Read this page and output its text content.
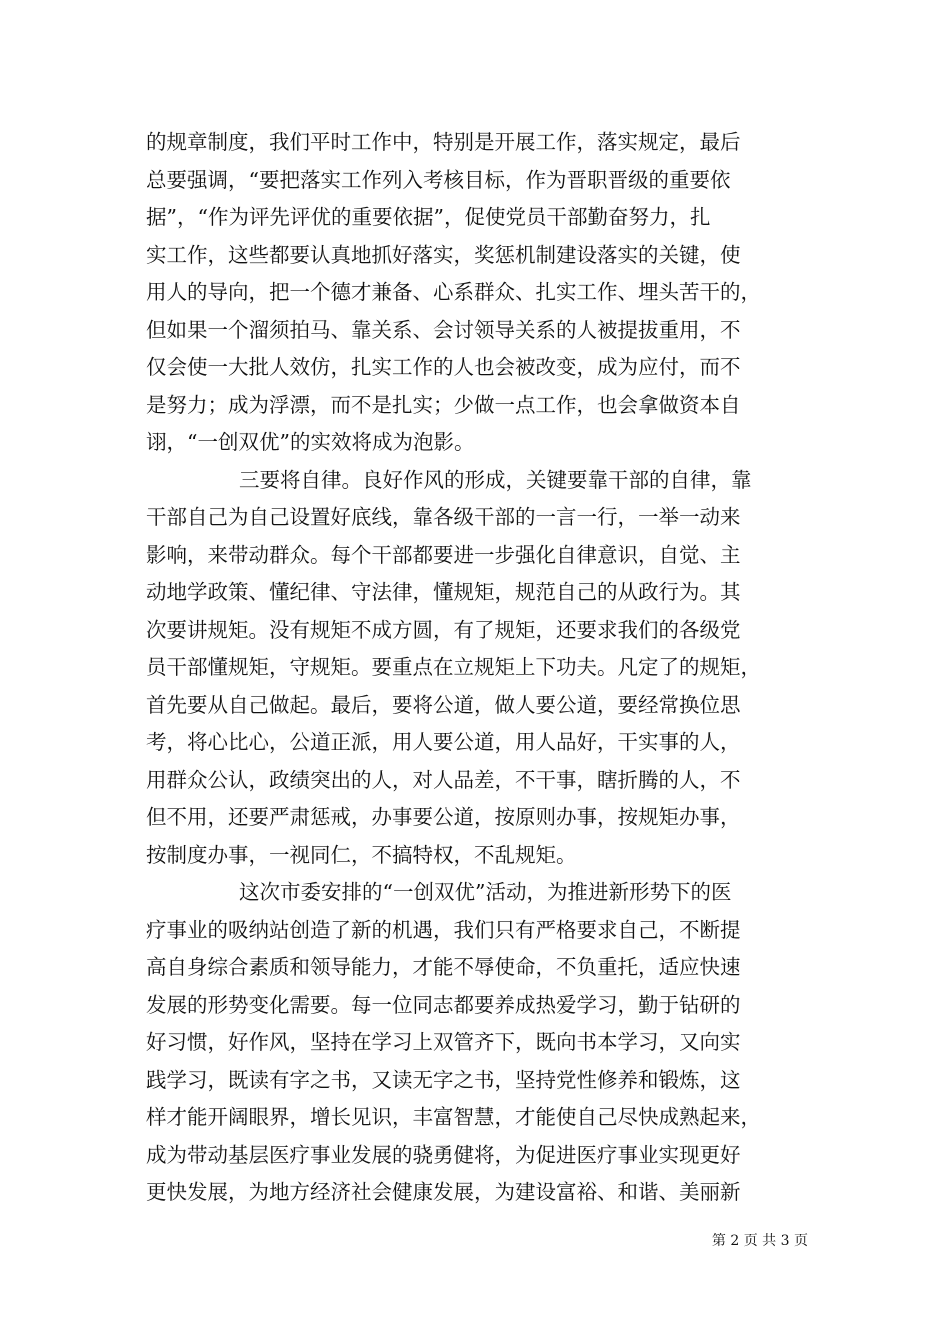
的规章制度，我们平时工作中，特别是开展工作，落实规定，最后
总要强调，“要把落实工作列入考核目标，作为晋职晋级的重要依
据”，“作为评先评优的重要依据”，促使党员干部勤奋努力，扎
实工作，这些都要认真地抓好落实，奖惩机制建设落实的关键，使
用人的导向，把一个德才兼备、心系群众、扎实工作、埋头苦干的，
但如果一个溜须拍马、靠关系、会讨领导关系的人被提拔重用，不
仅会使一大批人效仿，扎实工作的人也会被改变，成为应付，而不
是努力；成为浮漂，而不是扎实；少做一点工作，也会拿做资本自
诩，“一创双优”的实效将成为泡影。
三要将自律。良好作风的形成，关键要靠干部的自律，靠
干部自己为自己设置好底线，靠各级干部的一言一行，一举一动来
影响，来带动群众。每个干部都要进一步强化自律意识，自觉、主
动地学政策、懂纪律、守法律，懂规矩，规范自己的从政行为。其
次要讲规矩。没有规矩不成方圆，有了规矩，还要求我们的各级党
员干部懂规矩，守规矩。要重点在立规矩上下功夫。凡定了的规矩，
首先要从自己做起。最后，要将公道，做人要公道，要经常换位思
考，将心比心，公道正派，用人要公道，用人品好，干实事的人，
用群众公认，政绩突出的人，对人品差，不干事，瞎折腾的人，不
但不用，还要严肃惩戒，办事要公道，按原则办事，按规矩办事，
按制度办事，一视同仁，不搞特权，不乱规矩。
这次市委安排的“一创双优”活动，为推进新形势下的医
疗事业的吸纳站创造了新的机遇，我们只有严格要求自己，不断提
高自身综合素质和领导能力，才能不辱使命，不负重托，适应快速
发展的形势变化需要。每一位同志都要养成热爱学习，勤于钻研的
好习惯，好作风，坚持在学习上双管齐下，既向书本学习，又向实
践学习，既读有字之书，又读无字之书，坚持党性修养和锻炼，这
样才能开阔眼界，增长见识，丰富智慧，才能使自己尽快成熟起来，
成为带动基层医疗事业发展的骁勇健将，为促进医疗事业实现更好
更快发展，为地方经济社会健康发展，为建设富裕、和谐、美丽新
第 2 页 共 3 页
